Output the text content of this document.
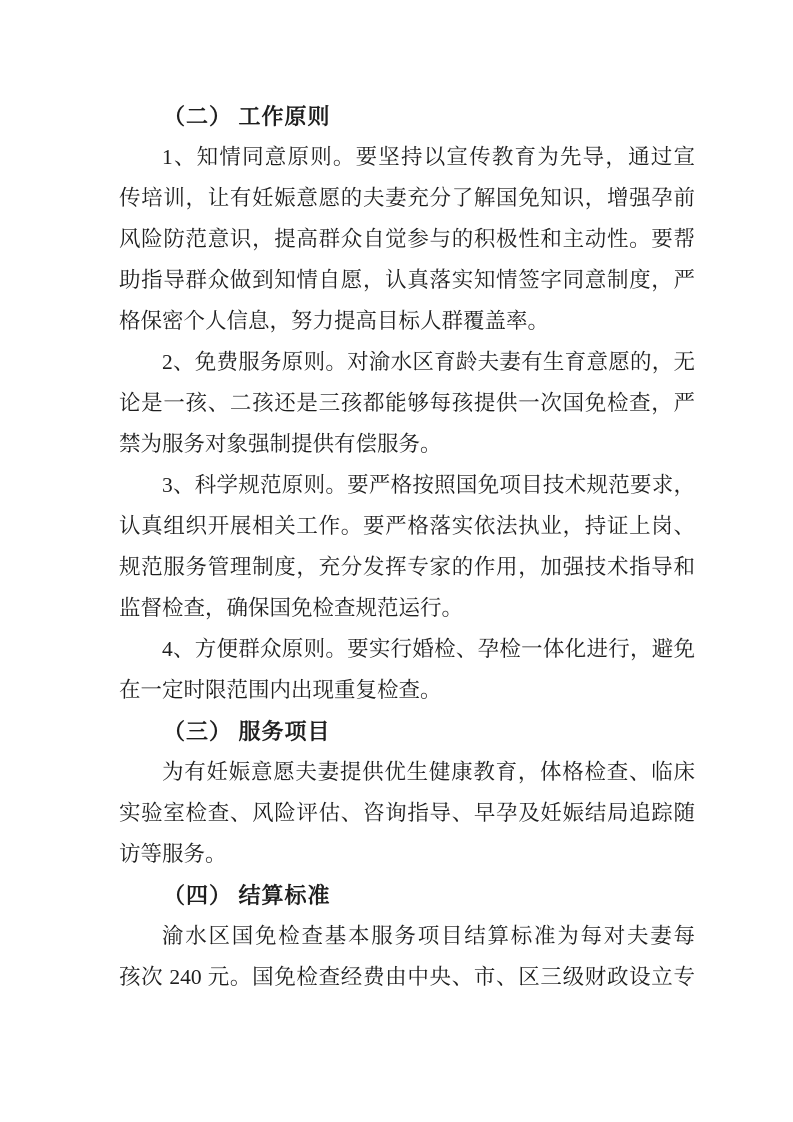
（二） 工作原则
1、知情同意原则。要坚持以宣传教育为先导，通过宣
传培训，让有妊娠意愿的夫妻充分了解国免知识，增强孕前
风险防范意识，提高群众自觉参与的积极性和主动性。要帮
助指导群众做到知情自愿，认真落实知情签字同意制度，严
格保密个人信息，努力提高目标人群覆盖率。
2、免费服务原则。对渝水区育龄夫妻有生育意愿的，无
论是一孩、二孩还是三孩都能够每孩提供一次国免检查，严
禁为服务对象强制提供有偿服务。
3、科学规范原则。要严格按照国免项目技术规范要求，
认真组织开展相关工作。要严格落实依法执业，持证上岗、
规范服务管理制度，充分发挥专家的作用，加强技术指导和
监督检查，确保国免检查规范运行。
4、方便群众原则。要实行婚检、孕检一体化进行，避免
在一定时限范围内出现重复检查。
（三） 服务项目
为有妊娠意愿夫妻提供优生健康教育，体格检查、临床
实验室检查、风险评估、咨询指导、早孕及妊娠结局追踪随
访等服务。
（四） 结算标准
渝水区国免检查基本服务项目结算标准为每对夫妻每
孩次 240 元。国免检查经费由中央、市、区三级财政设立专
